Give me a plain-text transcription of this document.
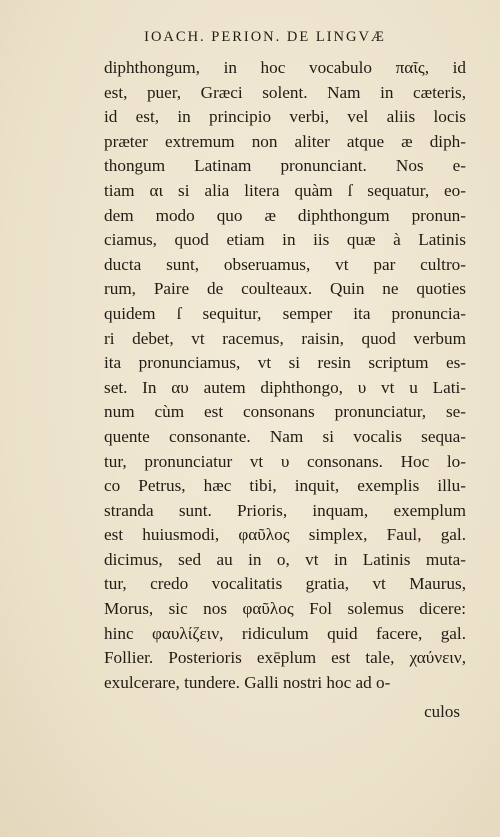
IOACH. PERION. DE LINGVÆ
diphthongum, in hoc vocabulo παῖς, id
est, puer, Græci solent. Nam in cæteris,
id est, in principio verbi, vel aliis locis
præter extremum non aliter atque æ diph-
thongum Latinam pronunciant. Nos e-
tiam αι si alia litera quàm ſ sequatur, eo-
dem modo quo æ diphthongum pronun-
ciamus, quod etiam in iis quæ à Latinis
ducta sunt, obseruamus, vt par cultro-
rum, Paire de coulteaux. Quin ne quoties
quidem ſ sequitur, semper ita pronuncia-
ri debet, vt racemus, raisin, quod verbum
ita pronunciamus, vt si resin scriptum es-
set. In αυ autem diphthongo, υ vt u Lati-
num cùm est consonans pronunciatur, se-
quente consonante. Nam si vocalis sequa-
tur, pronunciatur vt υ consonans. Hoc lo-
co Petrus, hæc tibi, inquit, exemplis illu-
strandа sunt. Prioris, inquam, exemplum
est huiusmodi, φαῦλος simplex, Faul, gal.
dicimus, sed au in o, vt in Latinis muta-
tur, credo vocalitatis gratia, vt Maurus,
Morus, sic nos φαῦλος Fol solemus dicere:
hinc φαυλίζειν, ridiculum quid facere, gal.
Follier. Posterioris exēplum est tale, χαύνειν,
exulcerare, tundere. Galli nostri hoc ad o-
culos
